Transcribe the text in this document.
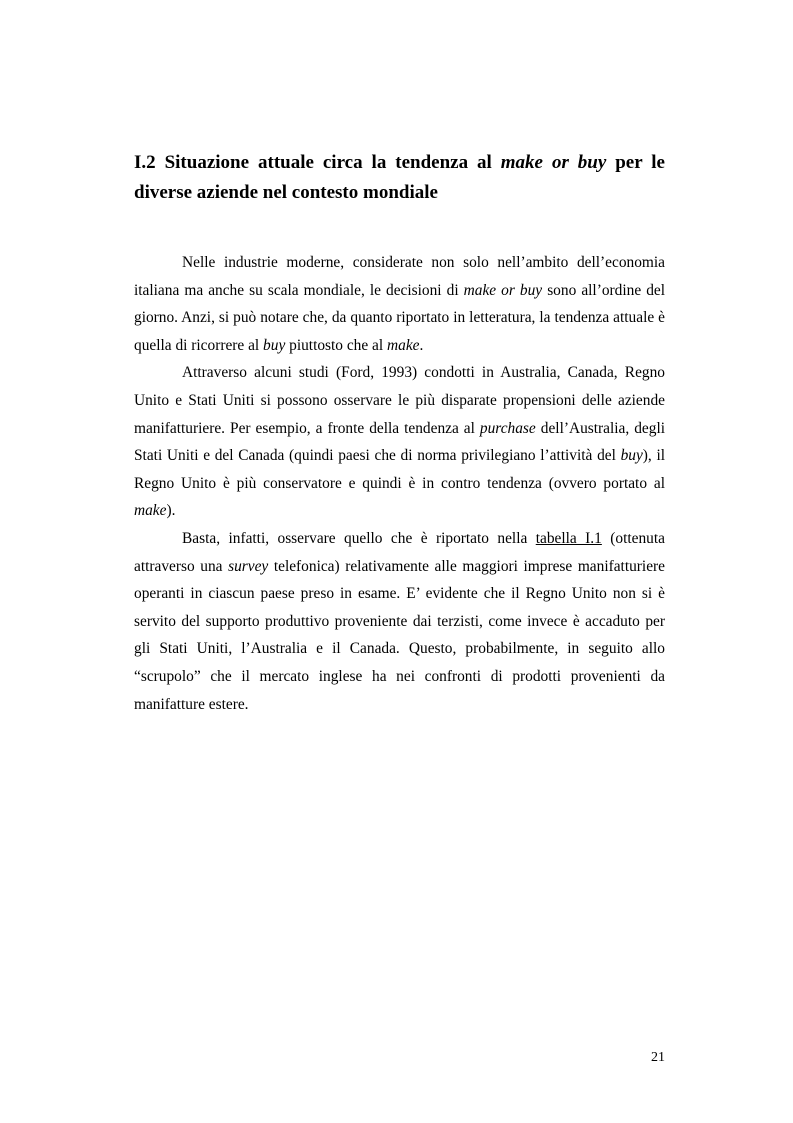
I.2 Situazione attuale circa la tendenza al make or buy per le diverse aziende nel contesto mondiale

Nelle industrie moderne, considerate non solo nell’ambito dell’economia italiana ma anche su scala mondiale, le decisioni di make or buy sono all’ordine del giorno. Anzi, si può notare che, da quanto riportato in letteratura, la tendenza attuale è quella di ricorrere al buy piuttosto che al make.

Attraverso alcuni studi (Ford, 1993) condotti in Australia, Canada, Regno Unito e Stati Uniti si possono osservare le più disparate propensioni delle aziende manifatturiere. Per esempio, a fronte della tendenza al purchase dell’Australia, degli Stati Uniti e del Canada (quindi paesi che di norma privilegiano l’attività del buy), il Regno Unito è più conservatore e quindi è in contro tendenza (ovvero portato al make).

Basta, infatti, osservare quello che è riportato nella tabella I.1 (ottenuta attraverso una survey telefonica) relativamente alle maggiori imprese manifatturiere operanti in ciascun paese preso in esame. E’ evidente che il Regno Unito non si è servito del supporto produttivo proveniente dai terzisti, come invece è accaduto per gli Stati Uniti, l’Australia e il Canada. Questo, probabilmente, in seguito allo “scrupolo” che il mercato inglese ha nei confronti di prodotti provenienti da manifatture estere.

21
